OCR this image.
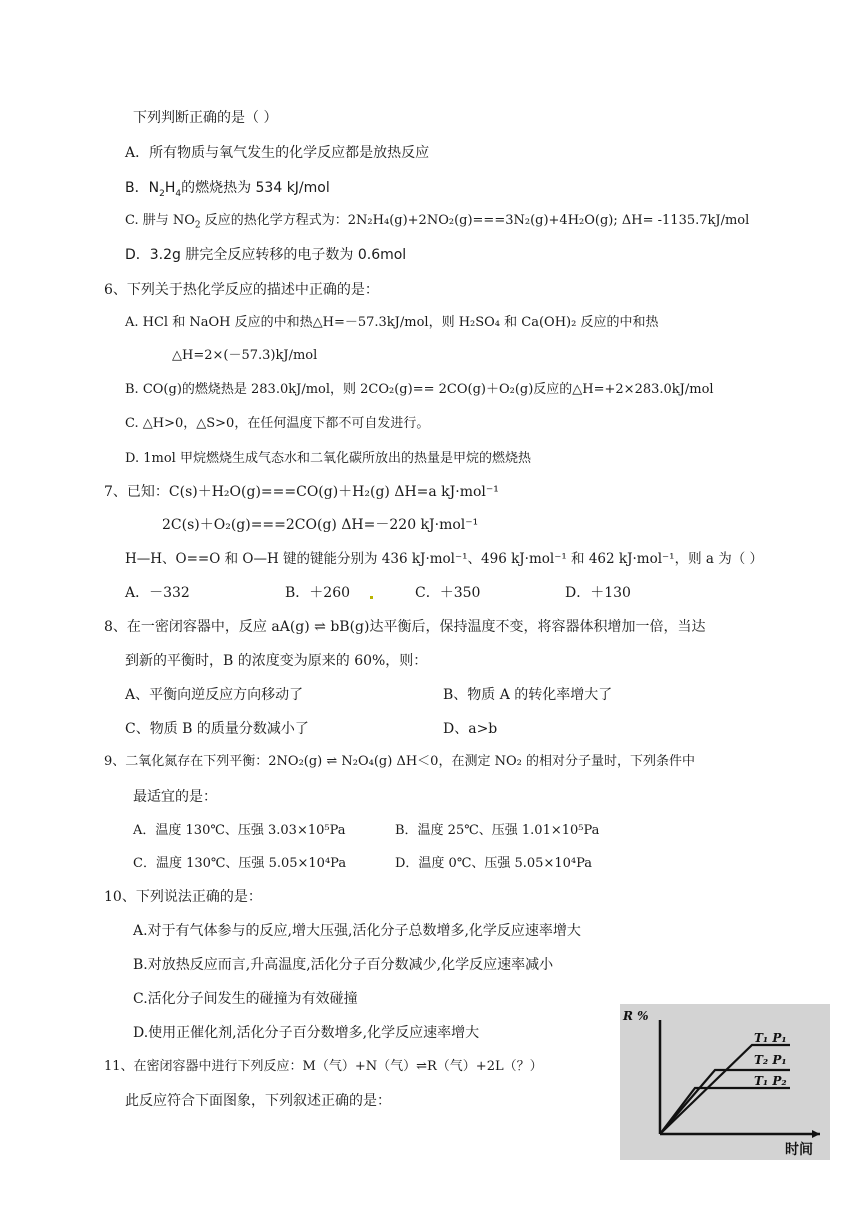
下列判断正确的是（ ）
A．所有物质与氧气发生的化学反应都是放热反应
B．$N_2H_4$的燃烧热为 534 kJ/mol
C. 肼与 $NO_2$ 反应的热化学方程式为：2N₂H₄(g)+2NO₂(g)===3N₂(g)+4H₂O(g); ΔH= -1135.7kJ/mol
D．3.2g 肼完全反应转移的电子数为 0.6mol
6、下列关于热化学反应的描述中正确的是：
A. HCl 和 NaOH 反应的中和热△H=－57.3kJ/mol，则 H₂SO₄ 和 Ca(OH)₂ 反应的中和热
△H=2×(－57.3)kJ/mol
B. CO(g)的燃烧热是 283.0kJ/mol，则 2CO₂(g)== 2CO(g)＋O₂(g)反应的△H=+2×283.0kJ/mol
C. △H>0，△S>0，在任何温度下都不可自发进行。
D. 1mol 甲烷燃烧生成气态水和二氧化碳所放出的热量是甲烷的燃烧热
7、已知：C(s)＋H₂O(g)===CO(g)＋H₂(g) ΔH=a kJ·mol⁻¹
2C(s)＋O₂(g)===2CO(g) ΔH=－220 kJ·mol⁻¹
H—H、O==O 和 O—H 键的键能分别为 436 kJ·mol⁻¹、496 kJ·mol⁻¹ 和 462 kJ·mol⁻¹，则 a 为（ ）
A．－332	B．＋260	C．＋350	D．＋130
8、在一密闭容器中，反应 aA(g) ⇌ bB(g)达平衡后，保持温度不变，将容器体积增加一倍，当达
到新的平衡时，B 的浓度变为原来的 60%，则：
A、平衡向逆反应方向移动了	B、物质 A 的转化率增大了
C、物质 B 的质量分数减小了	D、a>b
9、二氧化氮存在下列平衡：2NO₂(g) ⇌ N₂O₄(g) ΔH＜0，在测定 NO₂ 的相对分子量时，下列条件中
最适宜的是：
A．温度 130℃、压强 3.03×10⁵Pa	B．温度 25℃、压强 1.01×10⁵Pa
C．温度 130℃、压强 5.05×10⁴Pa	D．温度 0℃、压强 5.05×10⁴Pa
10、下列说法正确的是：
A.对于有气体参与的反应,增大压强,活化分子总数增多,化学反应速率增大
B.对放热反应而言,升高温度,活化分子百分数减少,化学反应速率减小
C.活化分子间发生的碰撞为有效碰撞
D.使用正催化剂,活化分子百分数增多,化学反应速率增大
11、在密闭容器中进行下列反应：M（气）+N（气）⇌R（气）+2L（？）
此反应符合下面图象，下列叙述正确的是：
R %
时间
T₁ P₁
T₂ P₁
T₁ P₂
